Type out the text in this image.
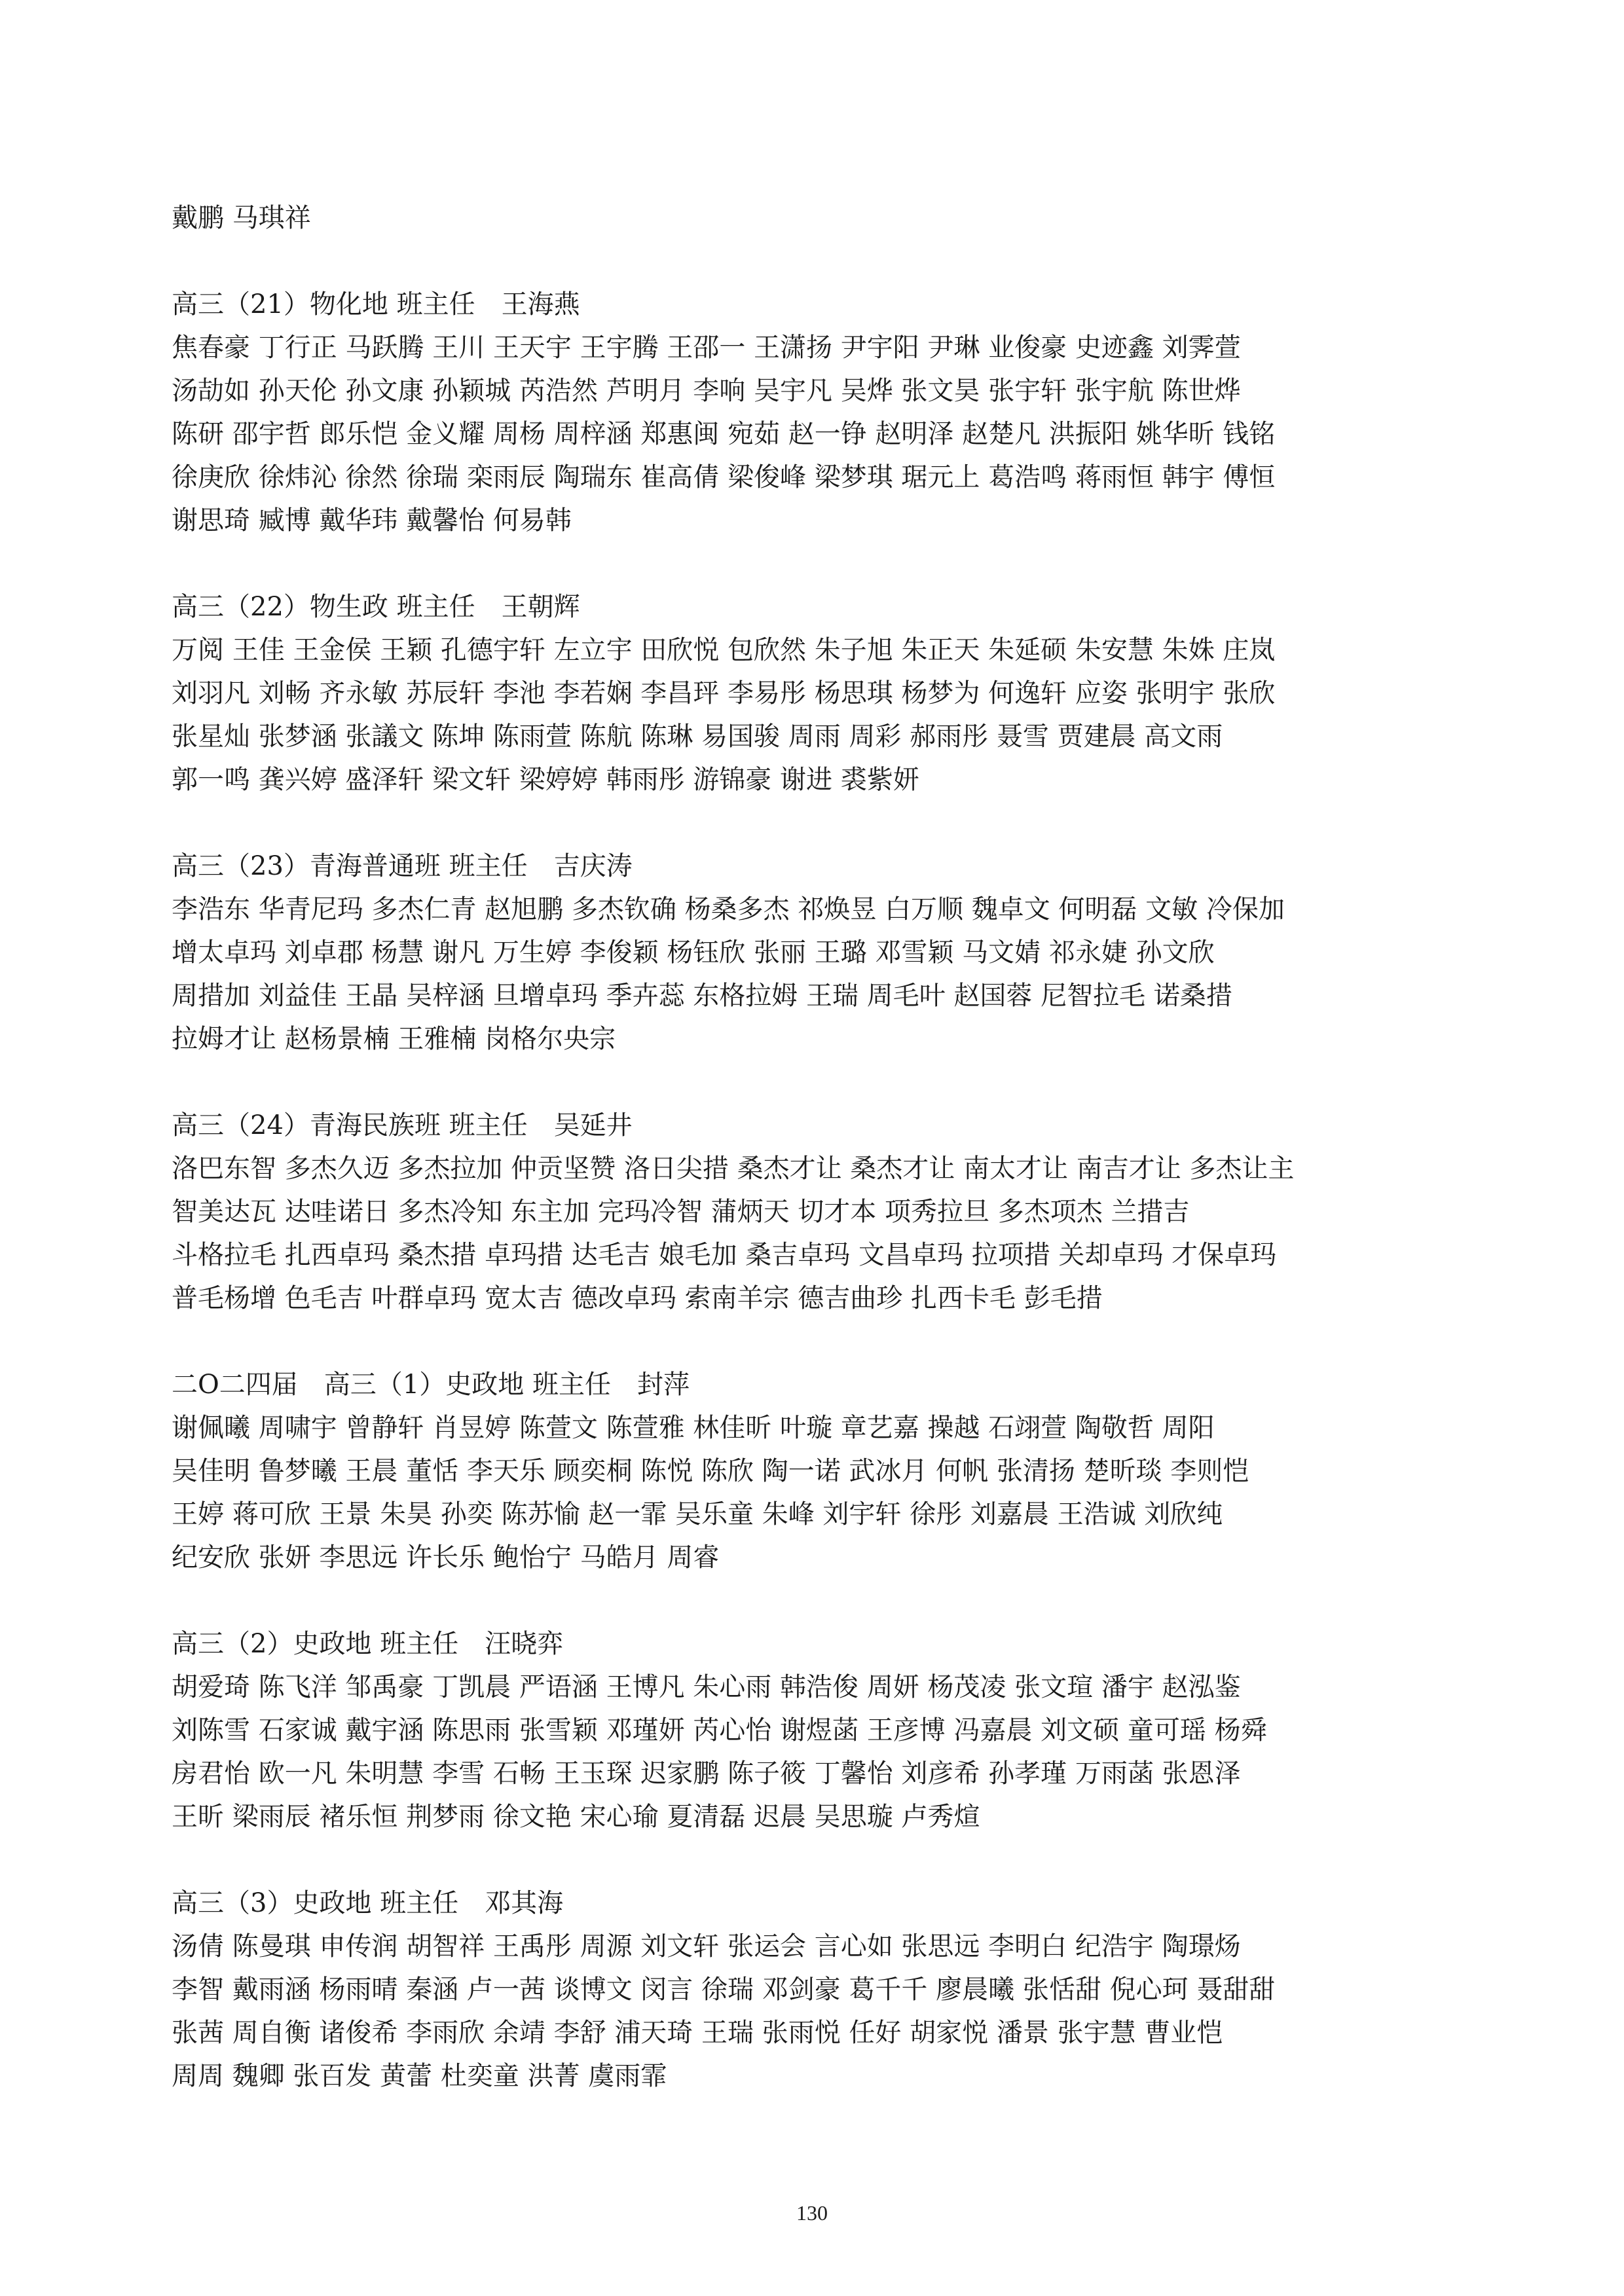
戴鹏 马琪祥
高三（21）物化地 班主任　王海燕
焦春豪 丁行正 马跃腾 王川 王天宇 王宇腾 王邵一 王潇扬 尹宇阳 尹琳 业俊豪 史迹鑫 刘霁萱
汤劼如 孙天伦 孙文康 孙颖城 芮浩然 芦明月 李响 吴宇凡 吴烨 张文昊 张宇轩 张宇航 陈世烨
陈研 邵宇哲 郎乐恺 金义耀 周杨 周梓涵 郑惠闽 宛茹 赵一铮 赵明泽 赵楚凡 洪振阳 姚华昕 钱铭
徐庚欣 徐炜沁 徐然 徐瑞 栾雨辰 陶瑞东 崔高倩 梁俊峰 梁梦琪 琚元上 葛浩鸣 蒋雨恒 韩宇 傅恒
谢思琦 臧博 戴华玮 戴馨怡 何易韩
高三（22）物生政 班主任　王朝辉
万阅 王佳 王金侯 王颖 孔德宇轩 左立宇 田欣悦 包欣然 朱子旭 朱正天 朱延硕 朱安慧 朱姝 庄岚
刘羽凡 刘畅 齐永敏 苏辰轩 李池 李若娴 李昌玶 李易彤 杨思琪 杨梦为 何逸轩 应姿 张明宇 张欣
张星灿 张梦涵 张議文 陈坤 陈雨萱 陈航 陈琳 易国骏 周雨 周彩 郝雨彤 聂雪 贾建晨 高文雨
郭一鸣 龚兴婷 盛泽轩 梁文轩 梁婷婷 韩雨彤 游锦豪 谢进 裘紫妍
高三（23）青海普通班 班主任　吉庆涛
李浩东 华青尼玛 多杰仁青 赵旭鹏 多杰钦确 杨桑多杰 祁焕昱 白万顺 魏卓文 何明磊 文敏 冷保加
增太卓玛 刘卓郡 杨慧 谢凡 万生婷 李俊颖 杨钰欣 张丽 王璐 邓雪颖 马文婧 祁永婕 孙文欣
周措加 刘益佳 王晶 吴梓涵 旦增卓玛 季卉蕊 东格拉姆 王瑞 周毛叶 赵国蓉 尼智拉毛 诺桑措
拉姆才让 赵杨景楠 王雅楠 岗格尔央宗
高三（24）青海民族班 班主任　吴延井
洛巴东智 多杰久迈 多杰拉加 仲贡坚赞 洛日尖措 桑杰才让 桑杰才让 南太才让 南吉才让 多杰让主
智美达瓦 达哇诺日 多杰冷知 东主加 完玛冷智 蒲炳天 切才本 项秀拉旦 多杰项杰 兰措吉
斗格拉毛 扎西卓玛 桑杰措 卓玛措 达毛吉 娘毛加 桑吉卓玛 文昌卓玛 拉项措 关却卓玛 才保卓玛
普毛杨增 色毛吉 叶群卓玛 宽太吉 德改卓玛 索南羊宗 德吉曲珍 扎西卡毛 彭毛措
二O二四届　高三（1）史政地 班主任　封萍
谢佩曦 周啸宇 曾静轩 肖昱婷 陈萱文 陈萱雅 林佳昕 叶璇 章艺嘉 操越 石翊萱 陶敬哲 周阳
吴佳明 鲁梦曦 王晨 董恬 李天乐 顾奕桐 陈悦 陈欣 陶一诺 武冰月 何帆 张清扬 楚昕琰 李则恺
王婷 蒋可欣 王景 朱昊 孙奕 陈苏愉 赵一霏 吴乐童 朱峰 刘宇轩 徐彤 刘嘉晨 王浩诚 刘欣纯
纪安欣 张妍 李思远 许长乐 鲍怡宁 马皓月 周睿
高三（2）史政地 班主任　汪晓弈
胡爱琦 陈飞洋 邹禹豪 丁凯晨 严语涵 王博凡 朱心雨 韩浩俊 周妍 杨茂凌 张文瑄 潘宇 赵泓鉴
刘陈雪 石家诚 戴宇涵 陈思雨 张雪颖 邓瑾妍 芮心怡 谢煜菡 王彦博 冯嘉晨 刘文硕 童可瑶 杨舜
房君怡 欧一凡 朱明慧 李雪 石畅 王玉琛 迟家鹏 陈子筱 丁馨怡 刘彦希 孙孝瑾 万雨菡 张恩泽
王昕 梁雨辰 褚乐恒 荆梦雨 徐文艳 宋心瑜 夏清磊 迟晨 吴思璇 卢秀煊
高三（3）史政地 班主任　邓其海
汤倩 陈曼琪 申传润 胡智祥 王禹彤 周源 刘文轩 张运会 言心如 张思远 李明白 纪浩宇 陶璟炀
李智 戴雨涵 杨雨晴 秦涵 卢一茜 谈博文 闵言 徐瑞 邓剑豪 葛千千 廖晨曦 张恬甜 倪心珂 聂甜甜
张茜 周自衡 诸俊希 李雨欣 余靖 李舒 浦天琦 王瑞 张雨悦 任好 胡家悦 潘景 张宇慧 曹业恺
周周 魏卿 张百发 黄蕾 杜奕童 洪菁 虞雨霏
130
